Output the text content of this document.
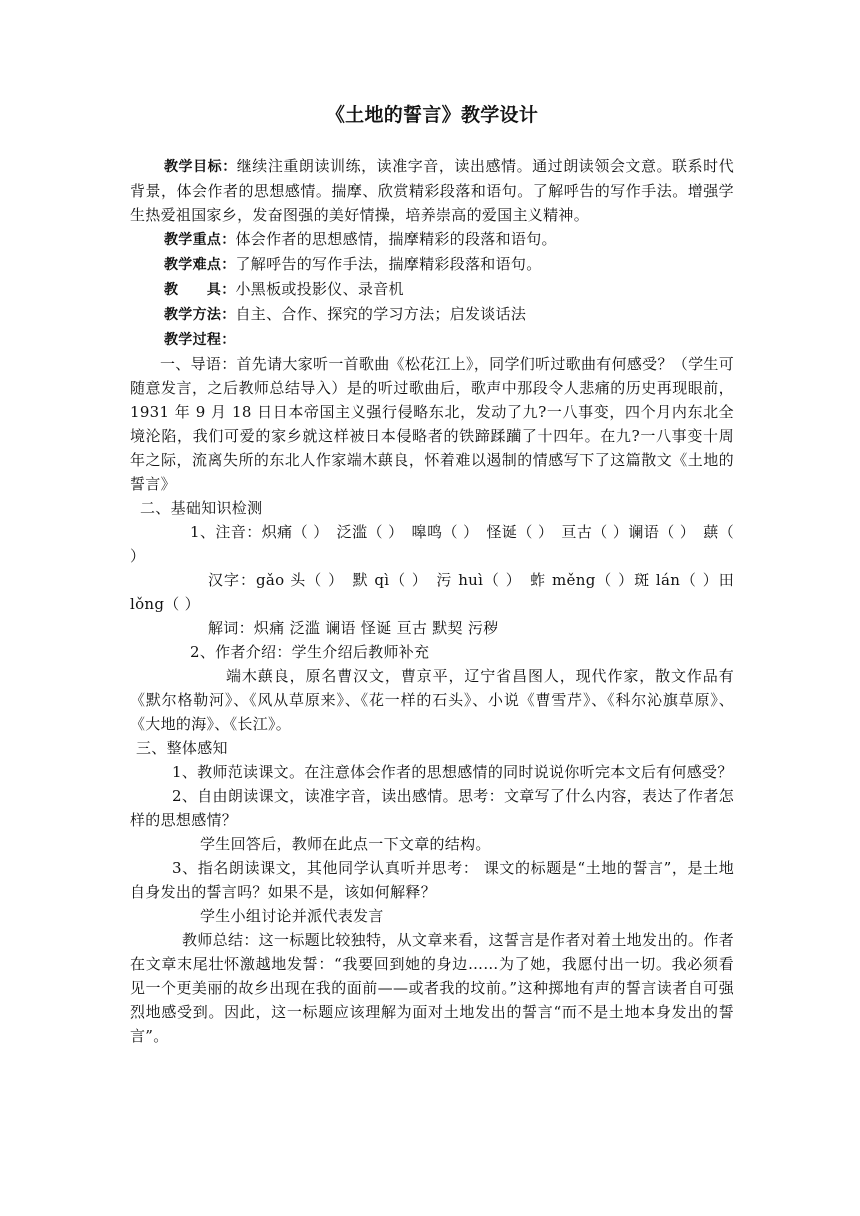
《土地的誓言》教学设计

教学目标：继续注重朗读训练，读准字音，读出感情。通过朗读领会文意。联系时代背景，体会作者的思想感情。揣摩、欣赏精彩段落和语句。了解呼告的写作手法。增强学生热爱祖国家乡，发奋图强的美好情操，培养崇高的爱国主义精神。

教学重点：体会作者的思想感情，揣摩精彩的段落和语句。

教学难点：了解呼告的写作手法，揣摩精彩段落和语句。

教　　具：小黑板或投影仪、录音机

教学方法：自主、合作、探究的学习方法；启发谈话法

教学过程：

一、导语：首先请大家听一首歌曲《松花江上》，同学们听过歌曲有何感受？（学生可随意发言，之后教师总结导入）是的听过歌曲后，歌声中那段令人悲痛的历史再现眼前，1931 年 9 月 18 日日本帝国主义强行侵略东北，发动了九?一八事变，四个月内东北全境沦陷，我们可爱的家乡就这样被日本侵略者的铁蹄蹂躏了十四年。在九?一八事变十周年之际，流离失所的东北人作家端木蕻良，怀着难以遏制的情感写下了这篇散文《土地的誓言》

二、基础知识检测

1、注音：炽痛（ ）　泛滥（ ）　嗥鸣（ ）　怪诞（ ）　亘古（ ）谰语（ ）　蕻（ ）

汉字：gǎo 头（ ）　默 qì（ ）　污 huì（ ）　蚱 měng（ ）斑 lán（ ）田 lǒng（ ）

解词：炽痛 泛滥 谰语 怪诞 亘古 默契 污秽

2、作者介绍：学生介绍后教师补充

端木蕻良，原名曹汉文，曹京平，辽宁省昌图人，现代作家，散文作品有《默尔格勒河》、《风从草原来》、《花一样的石头》、小说《曹雪芹》、《科尔沁旗草原》、《大地的海》、《长江》。

三、整体感知

1、教师范读课文。在注意体会作者的思想感情的同时说说你听完本文后有何感受？

2、自由朗读课文，读准字音，读出感情。思考：文章写了什么内容，表达了作者怎样的思想感情？

学生回答后，教师在此点一下文章的结构。

3、指名朗读课文，其他同学认真听并思考： 课文的标题是“土地的誓言”，是土地自身发出的誓言吗？如果不是，该如何解释？

学生小组讨论并派代表发言

教师总结：这一标题比较独特，从文章来看，这誓言是作者对着土地发出的。作者在文章末尾壮怀激越地发誓：“我要回到她的身边……为了她，我愿付出一切。我必须看见一个更美丽的故乡出现在我的面前——或者我的坟前。”这种掷地有声的誓言读者自可强烈地感受到。因此，这一标题应该理解为面对土地发出的誓言“而不是土地本身发出的誓言”。
